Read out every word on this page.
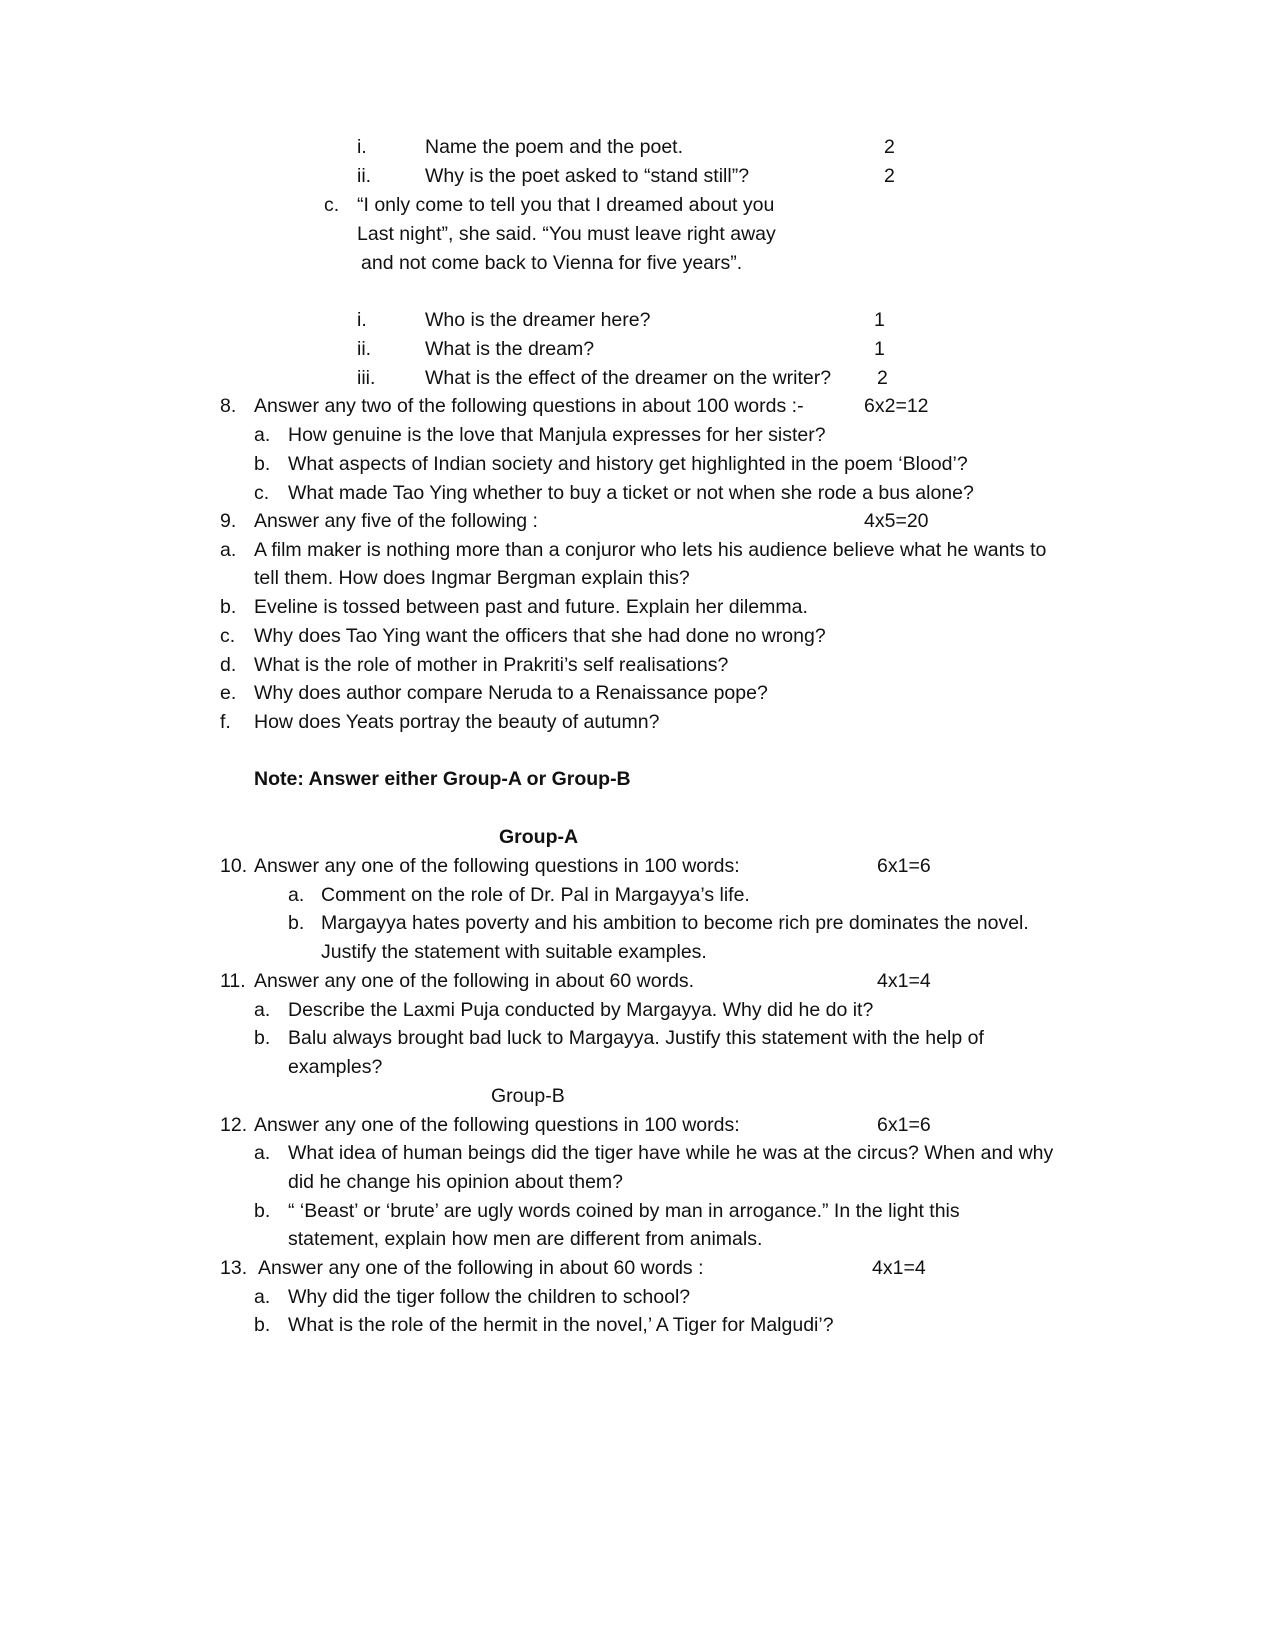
i.	Name the poem and the poet.	2
ii.	Why is the poet asked to “stand still”?	2
c. “I only come to tell you that I dreamed about you
Last night”, she said. “You must leave right away
and not come back to Vienna for five years”.
i.	Who is the dreamer here?	1
ii.	What is the dream?	1
iii.	What is the effect of the dreamer on the writer? 2
8. Answer any two of the following questions in about 100 words :-	6x2=12
a. How genuine is the love that Manjula expresses for her sister?
b. What aspects of Indian society and history get highlighted in the poem ‘Blood’?
c. What made Tao Ying whether to buy a ticket or not when she rode a bus alone?
9. Answer any five of the following :	4x5=20
a. A film maker is nothing more than a conjuror who lets his audience believe what he wants to
tell them. How does Ingmar Bergman explain this?
b. Eveline is tossed between past and future. Explain her dilemma.
c. Why does Tao Ying want the officers that she had done no wrong?
d. What is the role of mother in Prakriti’s self realisations?
e. Why does author compare Neruda to a Renaissance pope?
f. How does Yeats portray the beauty of autumn?
Note: Answer either Group-A or Group-B
Group-A
10. Answer any one of the following questions in 100 words:	6x1=6
a. Comment on the role of Dr. Pal in Margayya’s life.
b. Margayya hates poverty and his ambition to become rich pre dominates the novel.
Justify the statement with suitable examples.
11. Answer any one of the following in about 60 words.	4x1=4
a. Describe the Laxmi Puja conducted by Margayya. Why did he do it?
b. Balu always brought bad luck to Margayya. Justify this statement with the help of
examples?
Group-B
12. Answer any one of the following questions in 100 words:	6x1=6
a. What idea of human beings did the tiger have while he was at the circus? When and why
did he change his opinion about them?
b. “ ‘Beast’ or ‘brute’ are ugly words coined by man in arrogance.” In the light this
statement, explain how men are different from animals.
13. Answer any one of the following in about 60 words :	4x1=4
a. Why did the tiger follow the children to school?
b. What is the role of the hermit in the novel,’ A Tiger for Malgudi’?
